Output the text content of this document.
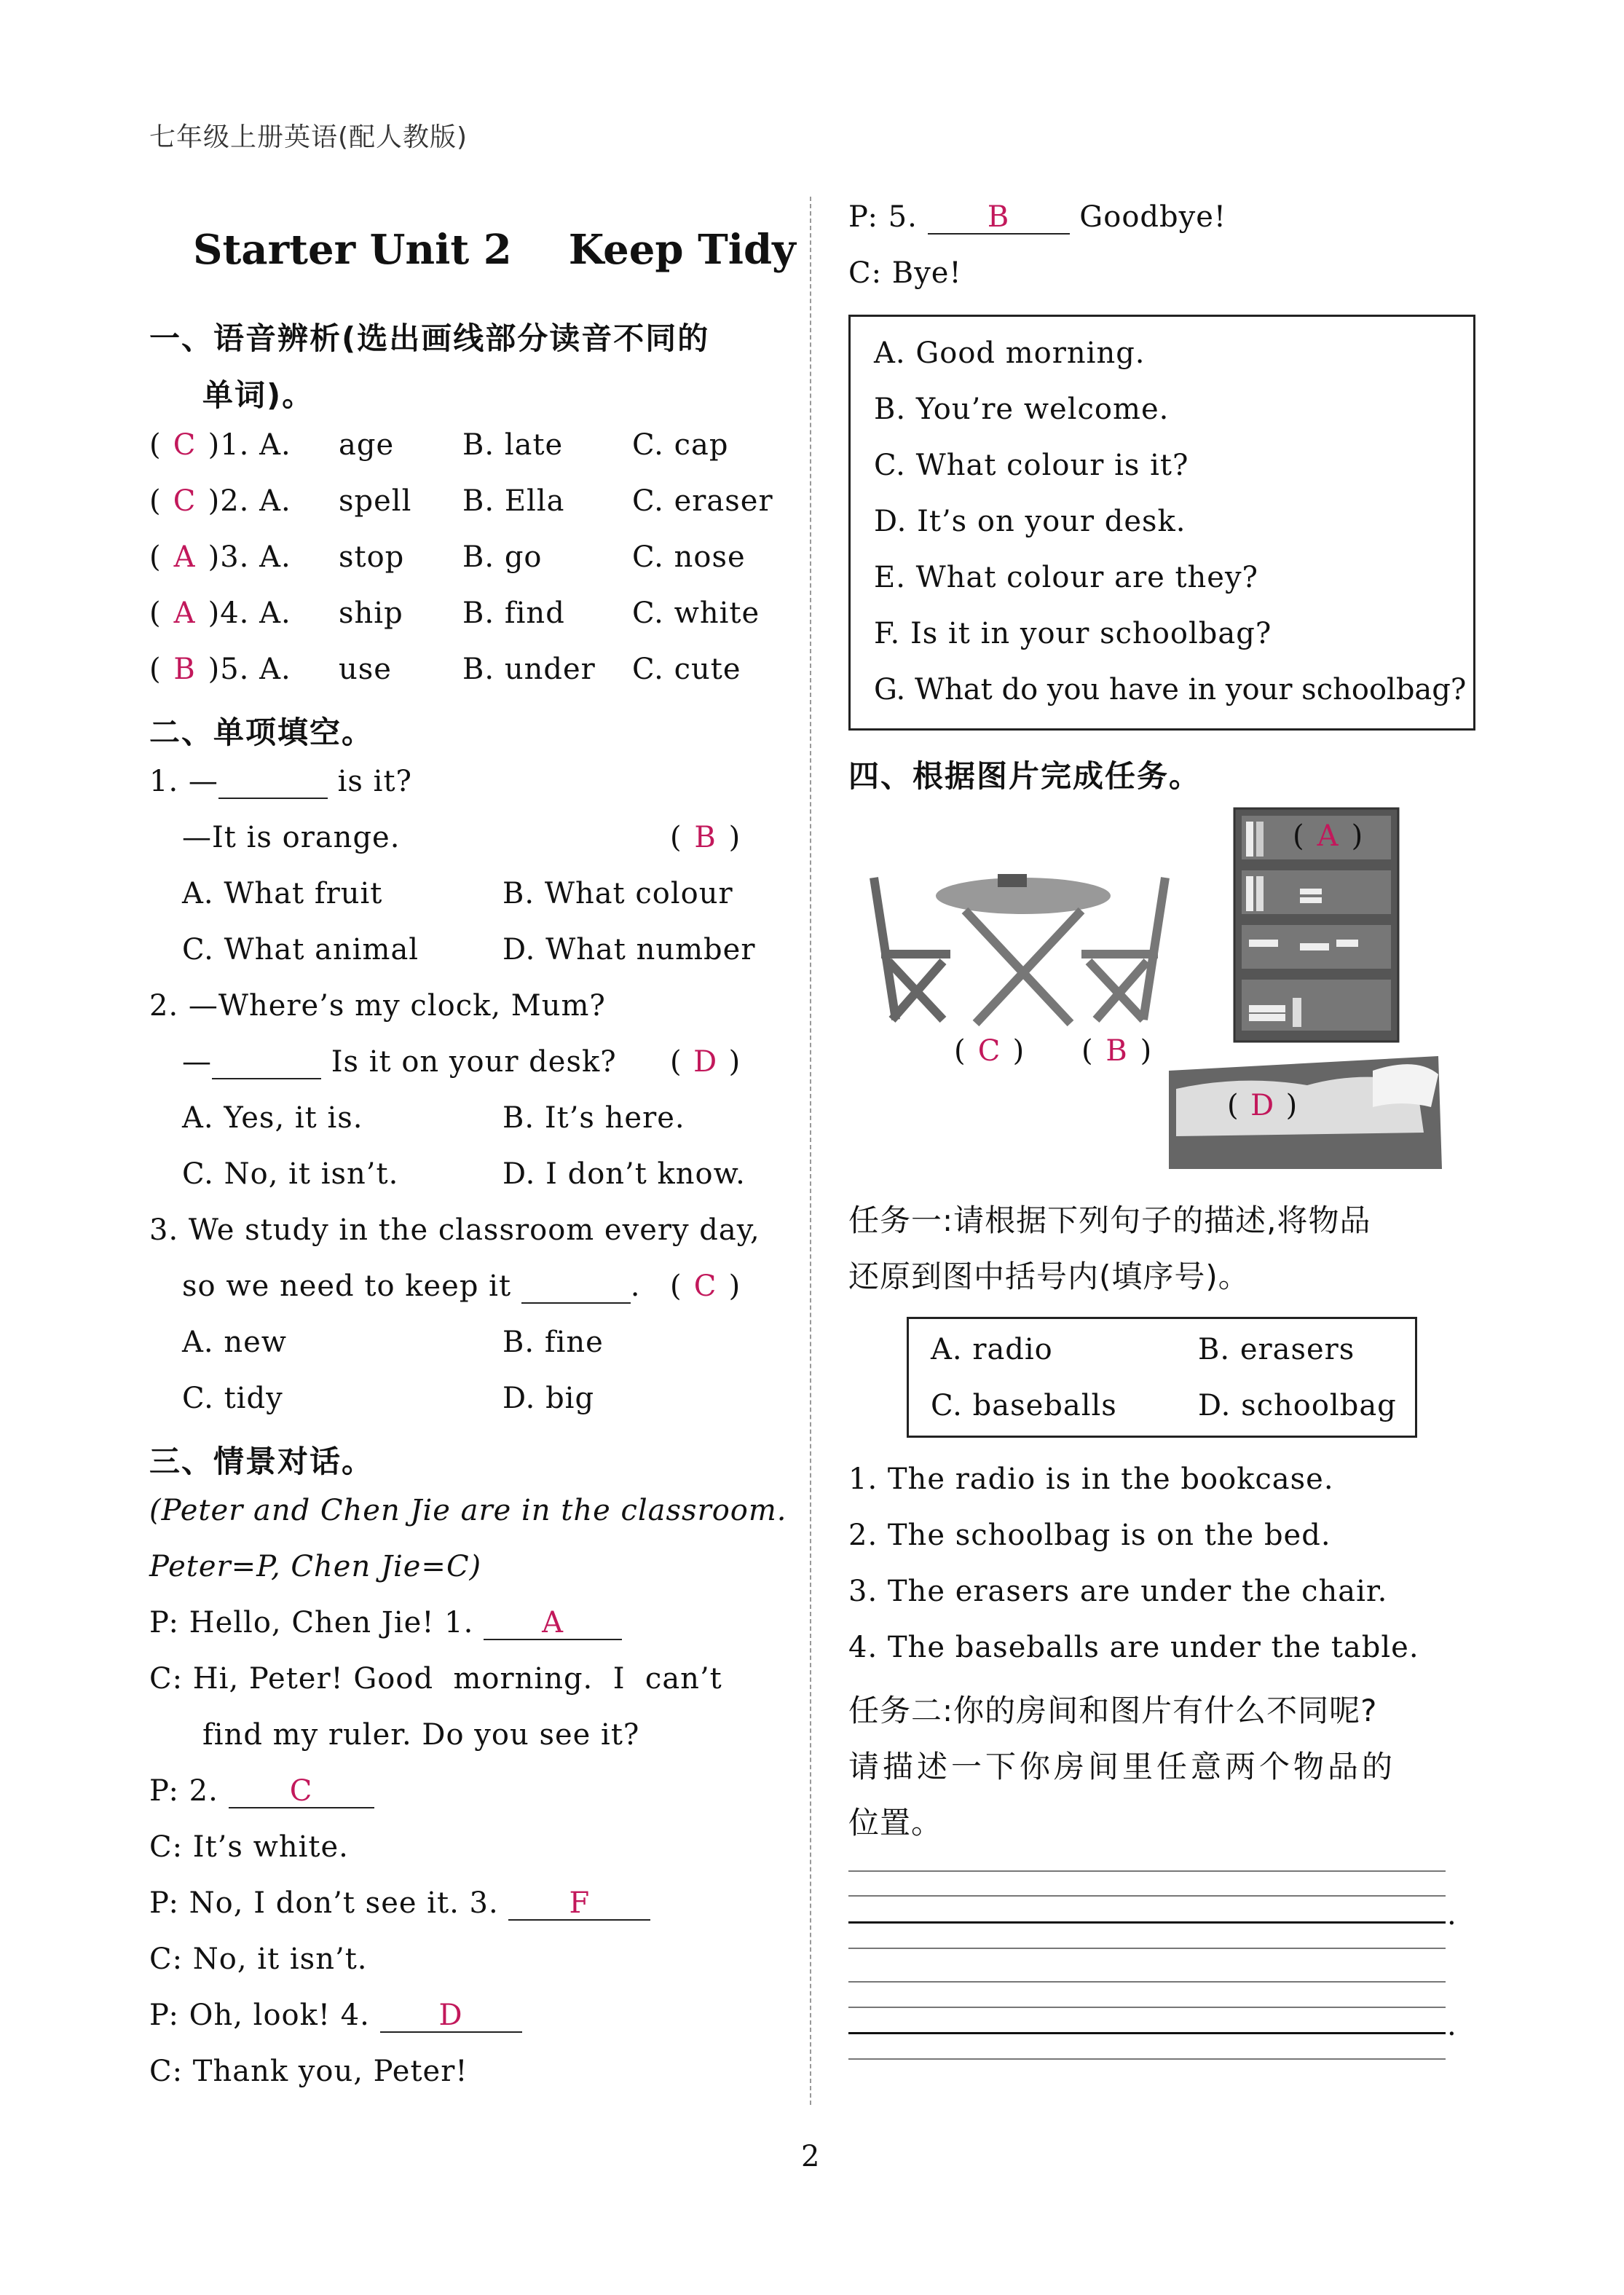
七年级上册英语(配人教版)
Starter Unit 2    Keep Tidy
一、语音辨析(选出画线部分读音不同的
单词)。
( C )1. A. age B. late C. cap
( C )2. A. spell B. Ella C. eraser
( A )3. A. stop B. go	C. nose
( A )4. A. ship B. find C. white
( B )5. A. use B. under C. cute
二、单项填空。
1. —	is it?
—It is orange.	( B )
A. What fruit	B. What colour
C. What animal	D. What number
2. —Where’s my clock, Mum?
—	Is it on your desk? ( D )
A. Yes, it is.	B. It’s here.
C. No, it isn’t.	D. I don’t know.
3. We study in the classroom every day,
so we need to keep it	. ( C )
A. new	B. fine
C. tidy	D. big
三、情景对话。
(Peter and Chen Jie are in the classroom.
Peter=P, Chen Jie=C)
P: Hello, Chen Jie! 1. A
C: Hi, Peter! Good  morning.  I  can’t
find my ruler. Do you see it?
P: 2. C
C: It’s white.
P: No, I don’t see it. 3. F
C: No, it isn’t.
P: Oh, look! 4. D
C: Thank you, Peter!
P: 5. B Goodbye!
C: Bye!
A. Good morning.
B. You’re welcome.
C. What colour is it?
D. It’s on your desk.
E. What colour are they?
F. Is it in your schoolbag?
G. What do you have in your schoolbag?
四、根据图片完成任务。
( A )
( C ) ( B )
( D )
任务一:请根据下列句子的描述,将物品
还原到图中括号内(填序号)。
A. radio	B. erasers
C. baseballs	D. schoolbag
1. The radio is in the bookcase.
2. The schoolbag is on the bed.
3. The erasers are under the chair.
4. The baseballs are under the table.
任务二:你的房间和图片有什么不同呢?
请描述一下你房间里任意两个物品的
位置。
.
.
2
